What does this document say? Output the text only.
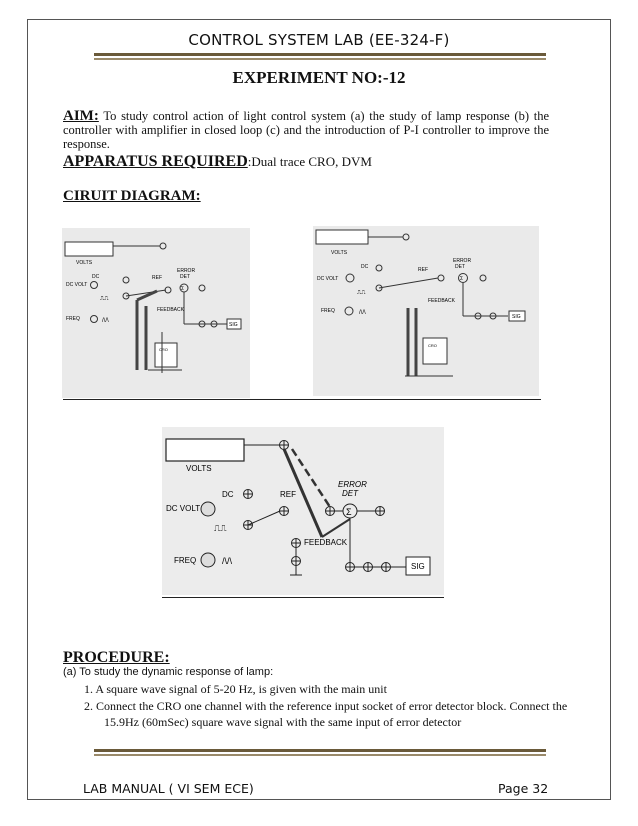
CONTROL SYSTEM LAB (EE-324-F)
EXPERIMENT NO:-12
AIM: To study control action of light control system (a) the study of lamp response (b) the controller with amplifier in closed loop (c) and the introduction of P-I controller to improve the response.
APPARATUS REQUIRED:Dual trace CRO, DVM
CIRUIT DIAGRAM:
VOLTS
DC
DC VOLT
REF
ERROR
DET
Σ
⎍⎍
FEEDBACK
FREQ	/\/\
SIG
CRO
VOLTS
DC
DC VOLT
REF
ERROR
DET
Σ
⎍⎍
FEEDBACK
FREQ	/\/\
SIG
CRO
VOLTS
DC
DC VOLT
REF
ERROR
DET
Σ
⎍⎍
FEEDBACK
FREQ	/\/\
SIG
PROCEDURE:
(a) To study the dynamic response of lamp:
1. A square wave signal of 5-20 Hz, is given with the main unit
2. Connect the CRO one channel with the reference input socket of error detector block. Connect the
15.9Hz (60mSec) square wave signal with the same input of error detector
LAB MANUAL ( VI SEM ECE)	Page 32
